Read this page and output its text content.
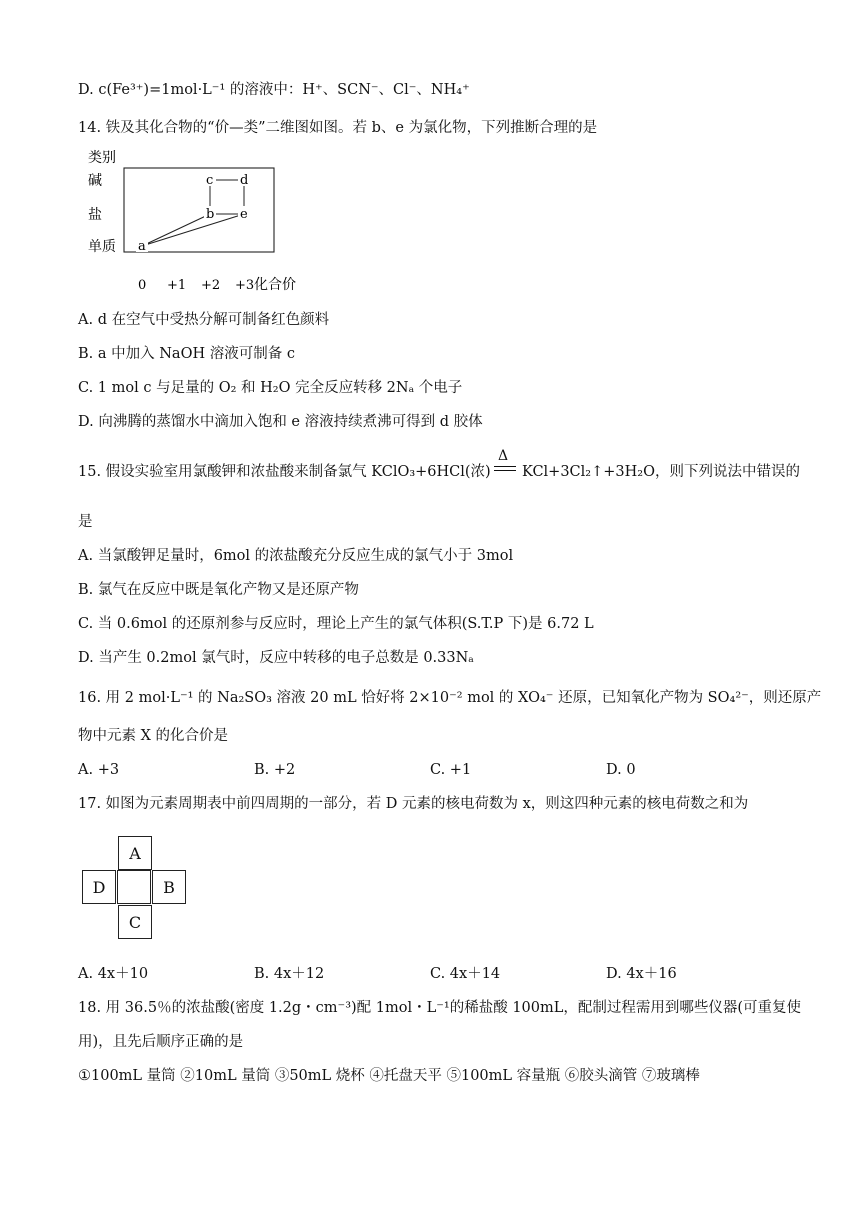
D. c(Fe³⁺)=1mol·L⁻¹ 的溶液中：H⁺、SCN⁻、Cl⁻、NH₄⁺
14. 铁及其化合物的“价—类”二维图如图。若 b、e 为氯化物，下列推断合理的是
类别
单质
盐
碱
0 +1 +2 +3 化合价
a
b
c d
e
A. d 在空气中受热分解可制备红色颜料
B. a 中加入 NaOH 溶液可制备 c
C. 1 mol c 与足量的 O₂ 和 H₂O 完全反应转移 2Nₐ 个电子
D. 向沸腾的蒸馏水中滴加入饱和 e 溶液持续煮沸可得到 d 胶体
15. 假设实验室用氯酸钾和浓盐酸来制备氯气 KClO₃+6HCl(浓)
Δ
KCl+3Cl₂↑+3H₂O，则下列说法中错误的
是
A. 当氯酸钾足量时，6mol 的浓盐酸充分反应生成的氯气小于 3mol
B. 氯气在反应中既是氧化产物又是还原产物
C. 当 0.6mol 的还原剂参与反应时，理论上产生的氯气体积(S.T.P 下)是 6.72 L
D. 当产生 0.2mol 氯气时，反应中转移的电子总数是 0.33Nₐ
16. 用 2 mol·L⁻¹ 的 Na₂SO₃ 溶液 20 mL 恰好将 2×10⁻² mol 的 XO₄⁻ 还原，已知氧化产物为 SO₄²⁻，则还原产
物中元素 X 的化合价是
A. +3	B. +2	C. +1	D. 0
17. 如图为元素周期表中前四周期的一部分，若 D 元素的核电荷数为 x，则这四种元素的核电荷数之和为
A
D	B
C
A. 4x＋10	B. 4x＋12	C. 4x＋14	D. 4x＋16
18. 用 36.5％的浓盐酸(密度 1.2g・cm⁻³)配 1mol・L⁻¹的稀盐酸 100mL，配制过程需用到哪些仪器(可重复使
用)，且先后顺序正确的是
①100mL 量筒 ②10mL 量筒 ③50mL 烧杯 ④托盘天平 ⑤100mL 容量瓶 ⑥胶头滴管 ⑦玻璃棒
